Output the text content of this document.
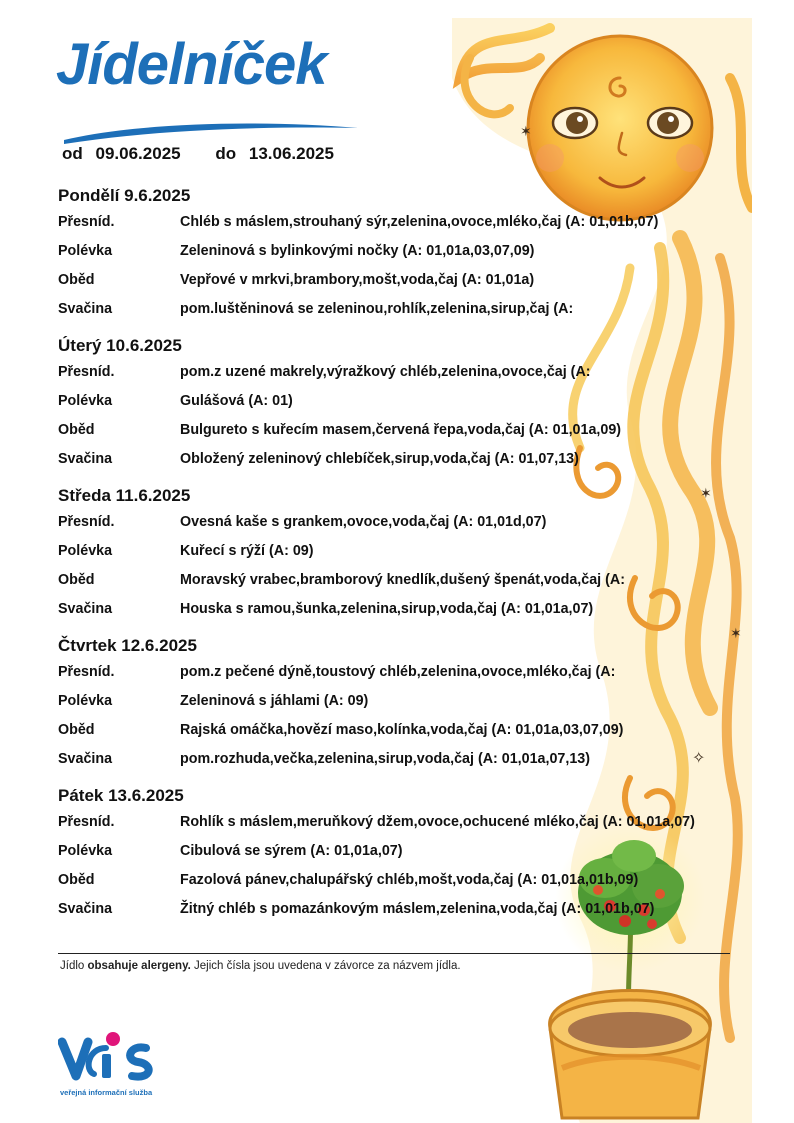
✶
✶
✶
✧
Jídelníček
od 09.06.2025 do 13.06.2025
Pondělí 9.6.2025
Přesníd.	Chléb s máslem,strouhaný sýr,zelenina,ovoce,mléko,čaj (A: 01,01b,07)
Polévka	Zeleninová s bylinkovými nočky (A: 01,01a,03,07,09)
Oběd	Vepřové v mrkvi,brambory,mošt,voda,čaj (A: 01,01a)
Svačina	pom.luštěninová se zeleninou,rohlík,zelenina,sirup,čaj (A:
Úterý 10.6.2025
Přesníd.	pom.z uzené makrely,výražkový chléb,zelenina,ovoce,čaj (A:
Polévka	Gulášová (A: 01)
Oběd	Bulgureto s kuřecím masem,červená řepa,voda,čaj (A: 01,01a,09)
Svačina	Obložený zeleninový chlebíček,sirup,voda,čaj (A: 01,07,13)
Středa 11.6.2025
Přesníd.	Ovesná kaše s grankem,ovoce,voda,čaj (A: 01,01d,07)
Polévka	Kuřecí s rýží (A: 09)
Oběd	Moravský vrabec,bramborový knedlík,dušený špenát,voda,čaj (A:
Svačina	Houska s ramou,šunka,zelenina,sirup,voda,čaj (A: 01,01a,07)
Čtvrtek 12.6.2025
Přesníd.	pom.z pečené dýně,toustový chléb,zelenina,ovoce,mléko,čaj (A:
Polévka	Zeleninová s jáhlami (A: 09)
Oběd	Rajská omáčka,hovězí maso,kolínka,voda,čaj (A: 01,01a,03,07,09)
Svačina	pom.rozhuda,večka,zelenina,sirup,voda,čaj (A: 01,01a,07,13)
Pátek 13.6.2025
Přesníd.	Rohlík s máslem,meruňkový džem,ovoce,ochucené mléko,čaj (A: 01,01a,07)
Polévka	Cibulová se sýrem (A: 01,01a,07)
Oběd	Fazolová pánev,chalupářský chléb,mošt,voda,čaj (A: 01,01a,01b,09)
Svačina	Žitný chléb s pomazánkovým máslem,zelenina,voda,čaj (A: 01,01b,07)
Jídlo obsahuje alergeny. Jejich čísla jsou uvedena v závorce za názvem jídla.
veřejná informační služba
